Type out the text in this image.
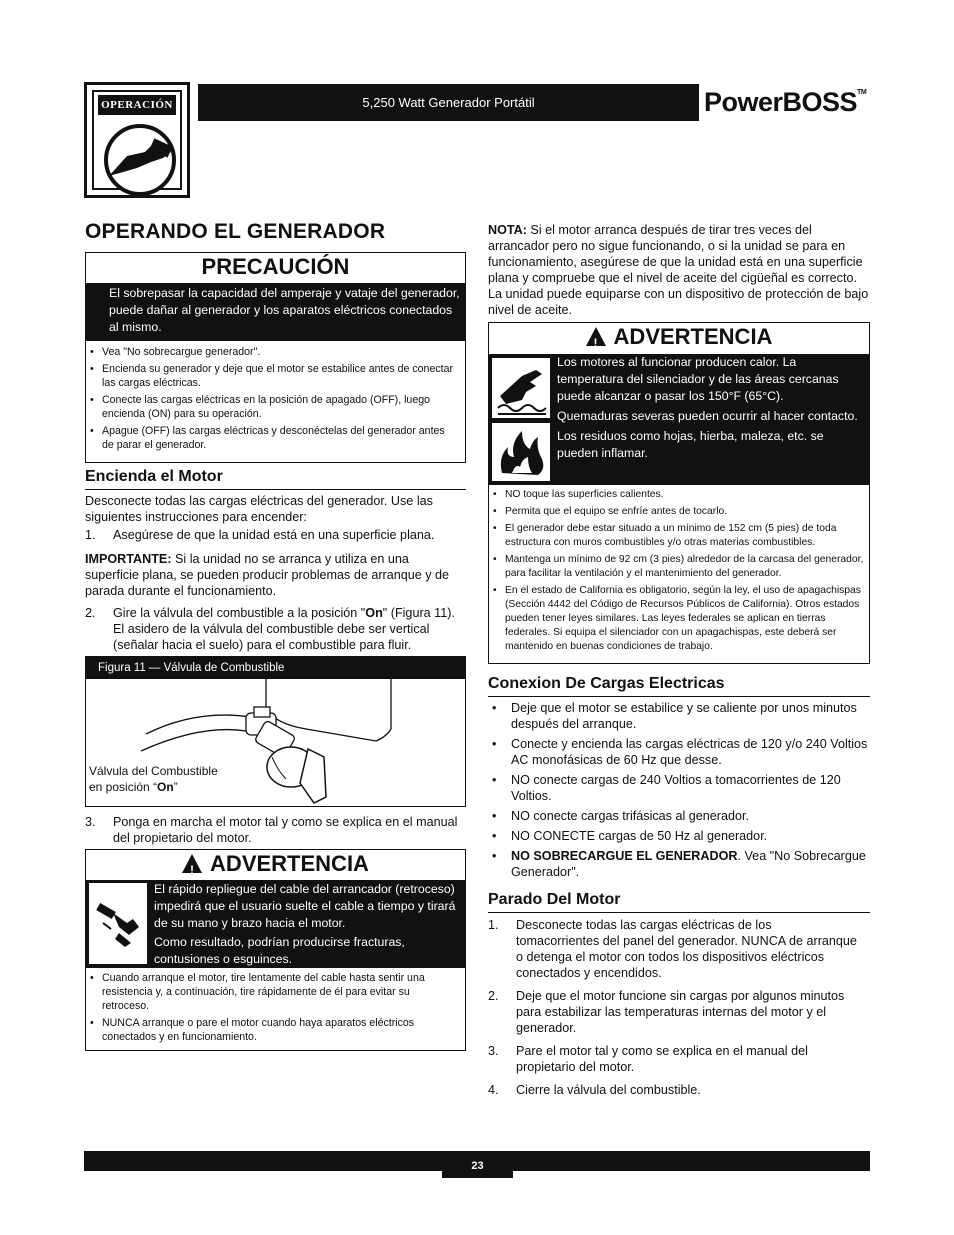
OPERACIÓN	5,250 Watt Generador Portátil	PowerBOSS™
OPERANDO EL GENERADOR
PRECAUCIÓN
El sobrepasar la capacidad del amperaje y vataje del generador, puede dañar al generador y los aparatos eléctricos conectados al mismo.
• Vea "No sobrecargue generador".
• Encienda su generador y deje que el motor se estabilice antes de conectar las cargas eléctricas.
• Conecte las cargas eléctricas en la posición de apagado (OFF), luego encienda (ON) para su operación.
• Apague (OFF) las cargas eléctricas y desconéctelas del generador antes de parar el generador.
Encienda el Motor
Desconecte todas las cargas eléctricas del generador. Use las siguientes instrucciones para encender:
1. Asegúrese de que la unidad está en una superficie plana.
IMPORTANTE: Si la unidad no se arranca y utiliza en una superficie plana, se pueden producir problemas de arranque y de parada durante el funcionamiento.
2.	Gire la válvula del combustible a la posición "On" (Figura 11). El asidero de la válvula del combustible debe ser vertical (señalar hacia el suelo) para el combustible para fluir.
Figura 11 — Válvula de Combustible
Válvula del Combustible
en posición “On”
3.	Ponga en marcha el motor tal y como se explica en el manual del propietario del motor.
! ADVERTENCIA
El rápido repliegue del cable del arrancador (retroceso) impedirá que el usuario suelte el cable a tiempo y tirará de su mano y brazo hacia el motor.
Como resultado, podrían producirse fracturas, contusiones o esguinces.
• Cuando arranque el motor, tire lentamente del cable hasta sentir una resistencia y, a continuación, tire rápidamente de él para evitar su retroceso.
• NUNCA arranque o pare el motor cuando haya aparatos eléctricos conectados y en funcionamiento.
NOTA: Si el motor arranca después de tirar tres veces del arrancador pero no sigue funcionando, o si la unidad se para en funcionamiento, asegúrese de que la unidad está en una superficie plana y compruebe que el nivel de aceite del cigüeñal es correcto. La unidad puede equiparse con un dispositivo de protección de bajo nivel de aceite.
! ADVERTENCIA
Los motores al funcionar producen calor. La temperatura del silenciador y de las áreas cercanas puede alcanzar o pasar los 150°F (65°C).
Quemaduras severas pueden ocurrir al hacer contacto.
Los residuos como hojas, hierba, maleza, etc. se pueden inflamar.
• NO toque las superficies calientes.
• Permita que el equipo se enfríe antes de tocarlo.
• El generador debe estar situado a un mínimo de 152 cm (5 pies) de toda estructura con muros combustibles y/o otras materias combustibles.
• Mantenga un mínimo de 92 cm (3 pies) alrededor de la carcasa del generador, para facilitar la ventilación y el mantenimiento del generador.
• En el estado de California es obligatorio, según la ley, el uso de apagachispas (Sección 4442 del Código de Recursos Públicos de California). Otros estados pueden tener leyes similares. Las leyes federales se aplican en tierras federales. Si equipa el silenciador con un apagachispas, este deberá ser mantenido en buenas condiciones de trabajo.
Conexion De Cargas Electricas
• Deje que el motor se estabilice y se caliente por unos minutos después del arranque.
• Conecte y encienda las cargas eléctricas de 120 y/o 240 Voltios AC monofásicas de 60 Hz que desse.
• NO conecte cargas de 240 Voltios a tomacorrientes de 120 Voltios.
• NO conecte cargas trifásicas al generador.
• NO CONECTE cargas de 50 Hz al generador.
• NO SOBRECARGUE EL GENERADOR. Vea "No Sobrecargue Generador".
Parado Del Motor
1. Desconecte todas las cargas eléctricas de los tomacorrientes del panel del generador. NUNCA de arranque o detenga el motor con todos los dispositivos eléctricos conectados y encendidos.
2. Deje que el motor funcione sin cargas por algunos minutos para estabilizar las temperaturas internas del motor y el generador.
3. Pare el motor tal y como se explica en el manual del propietario del motor.
4. Cierre la válvula del combustible.
23
